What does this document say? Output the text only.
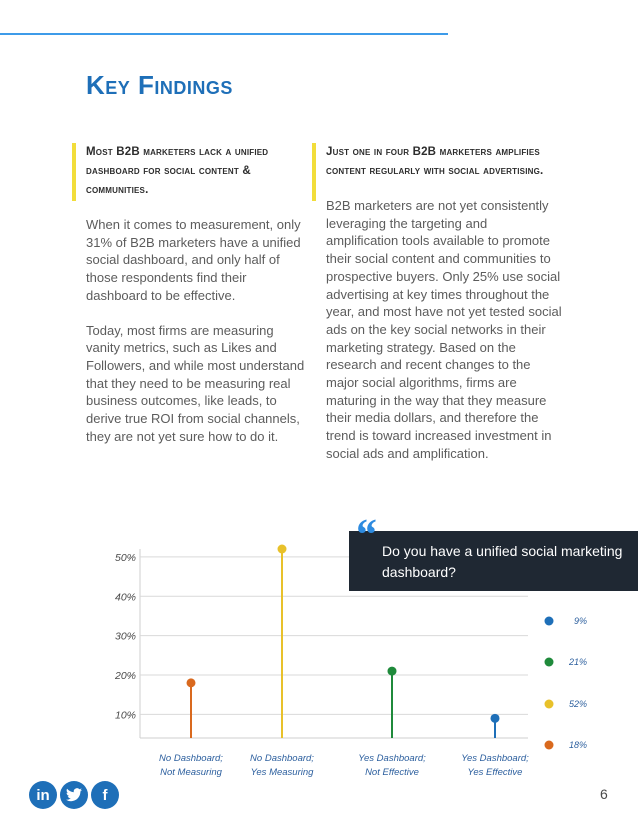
Key Findings
Most B2B marketers lack a unified dashboard for social content & communities.

When it comes to measurement, only 31% of B2B marketers have a unified social dashboard, and only half of those respondents find their dashboard to be effective.

Today, most firms are measuring vanity metrics, such as Likes and Followers, and while most understand that they need to be measuring real business outcomes, like leads, to derive true ROI from social channels, they are not yet sure how to do it.

Just one in four B2B marketers amplifies content regularly with social advertising.

B2B marketers are not yet consistently leveraging the targeting and amplification tools available to promote their social content and communities to prospective buyers. Only 25% use social advertising at key times throughout the year, and most have not yet tested social ads on the key social networks in their marketing strategy. Based on the research and recent changes to the major social algorithms, firms are maturing in the way that they measure their media dollars, and therefore the trend is toward increased investment in social ads and amplification.

10%
20%
30%
40%
50%
No Dashboard;
Not Measuring
No Dashboard;
Yes Measuring
Yes Dashboard;
Not Effective
Yes Dashboard;
Yes Effective
9%
21%
52%
18%
Do you have a unified social marketing dashboard?
“
in	f	6
